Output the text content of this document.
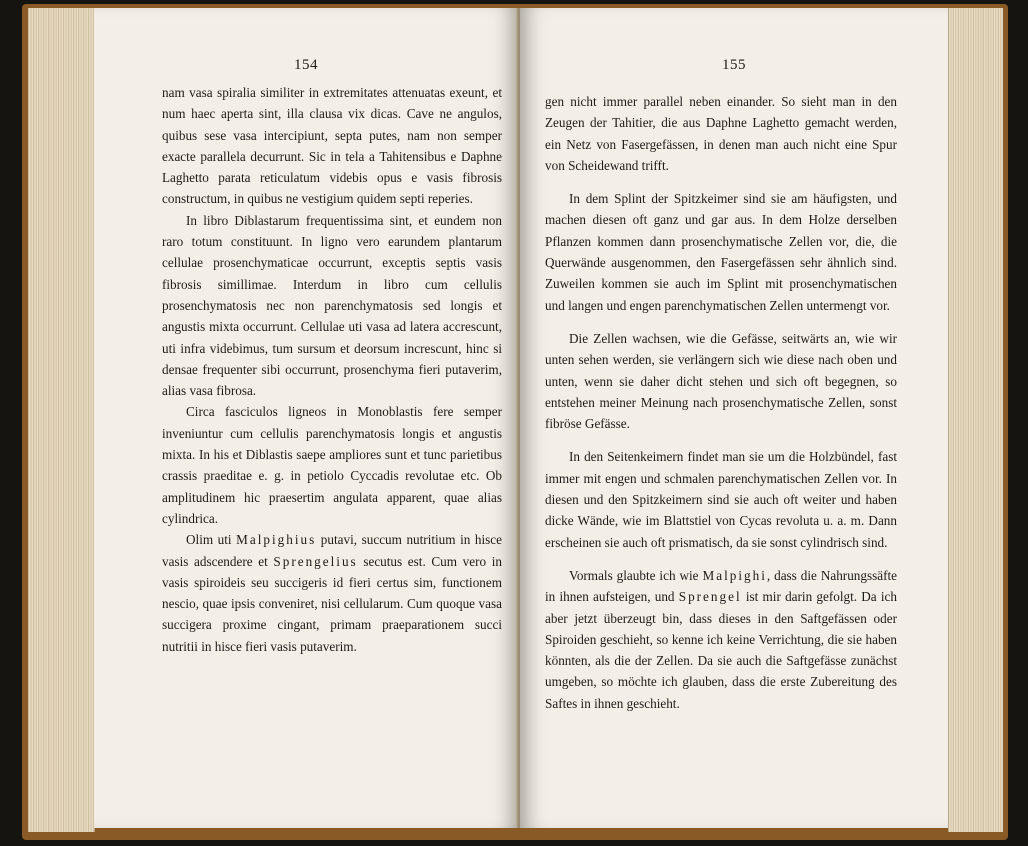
154

nam vasa spiralia similiter in extremitates attenuatas exeunt, et num haec aperta sint, illa clausa vix dicas. Cave ne angulos, quibus sese vasa intercipiunt, septa putes, nam non semper exacte parallela decurrunt. Sic in tela a Tahitensibus e Daphne Laghetto parata reticulatum videbis opus e vasis fibrosis constructum, in quibus ne vestigium quidem septi reperies.

In libro Diblastarum frequentissima sint, et eundem non raro totum constituunt. In ligno vero earundem plantarum cellulae prosenchymaticae occurrunt, exceptis septis vasis fibrosis simillimae. Interdum in libro cum cellulis prosenchymatosis nec non parenchymatosis sed longis et angustis mixta occurrunt. Cellulae uti vasa ad latera accrescunt, uti infra videbimus, tum sursum et deorsum increscunt, hinc si densae frequenter sibi occurrunt, prosenchyma fieri putaverim, alias vasa fibrosa.

Circa fasciculos ligneos in Monoblastis fere semper inveniuntur cum cellulis parenchymatosis longis et angustis mixta. In his et Diblastis saepe ampliores sunt et tunc parietibus crassis praeditae e. g. in petiolo Cyccadis revolutae etc. Ob amplitudinem hic praesertim angulata apparent, quae alias cylindrica.

Olim uti Malpighius putavi, succum nutritium in hisce vasis adscendere et Sprengelius secutus est. Cum vero in vasis spiroideis seu succigeris id fieri certus sim, functionem nescio, quae ipsis conveniret, nisi cellularum. Cum quoque vasa succigera proxime cingant, primam praeparationem succi nutritii in hisce fieri vasis putaverim.

155

gen nicht immer parallel neben einander. So sieht man in den Zeugen der Tahitier, die aus Daphne Laghetto gemacht werden, ein Netz von Fasergefässen, in denen man auch nicht eine Spur von Scheidewand trifft.

In dem Splint der Spitzkeimer sind sie am häufigsten, und machen diesen oft ganz und gar aus. In dem Holze derselben Pflanzen kommen dann prosenchymatische Zellen vor, die, die Querwände ausgenommen, den Fasergefässen sehr ähnlich sind. Zuweilen kommen sie auch im Splint mit prosenchymatischen und langen und engen parenchymatischen Zellen untermengt vor.

Die Zellen wachsen, wie die Gefässe, seitwärts an, wie wir unten sehen werden, sie verlängern sich wie diese nach oben und unten, wenn sie daher dicht stehen und sich oft begegnen, so entstehen meiner Meinung nach prosenchymatische Zellen, sonst fibröse Gefässe.

In den Seitenkeimern findet man sie um die Holzbündel, fast immer mit engen und schmalen parenchymatischen Zellen vor. In diesen und den Spitzkeimern sind sie auch oft weiter und haben dicke Wände, wie im Blattstiel von Cycas revoluta u. a. m. Dann erscheinen sie auch oft prismatisch, da sie sonst cylindrisch sind.

Vormals glaubte ich wie Malpighi, dass die Nahrungssäfte in ihnen aufsteigen, und Sprengel ist mir darin gefolgt. Da ich aber jetzt überzeugt bin, dass dieses in den Saftgefässen oder Spiroiden geschieht, so kenne ich keine Verrichtung, die sie haben könnten, als die der Zellen. Da sie auch die Saftgefässe zunächst umgeben, so möchte ich glauben, dass die erste Zubereitung des Saftes in ihnen geschieht.
